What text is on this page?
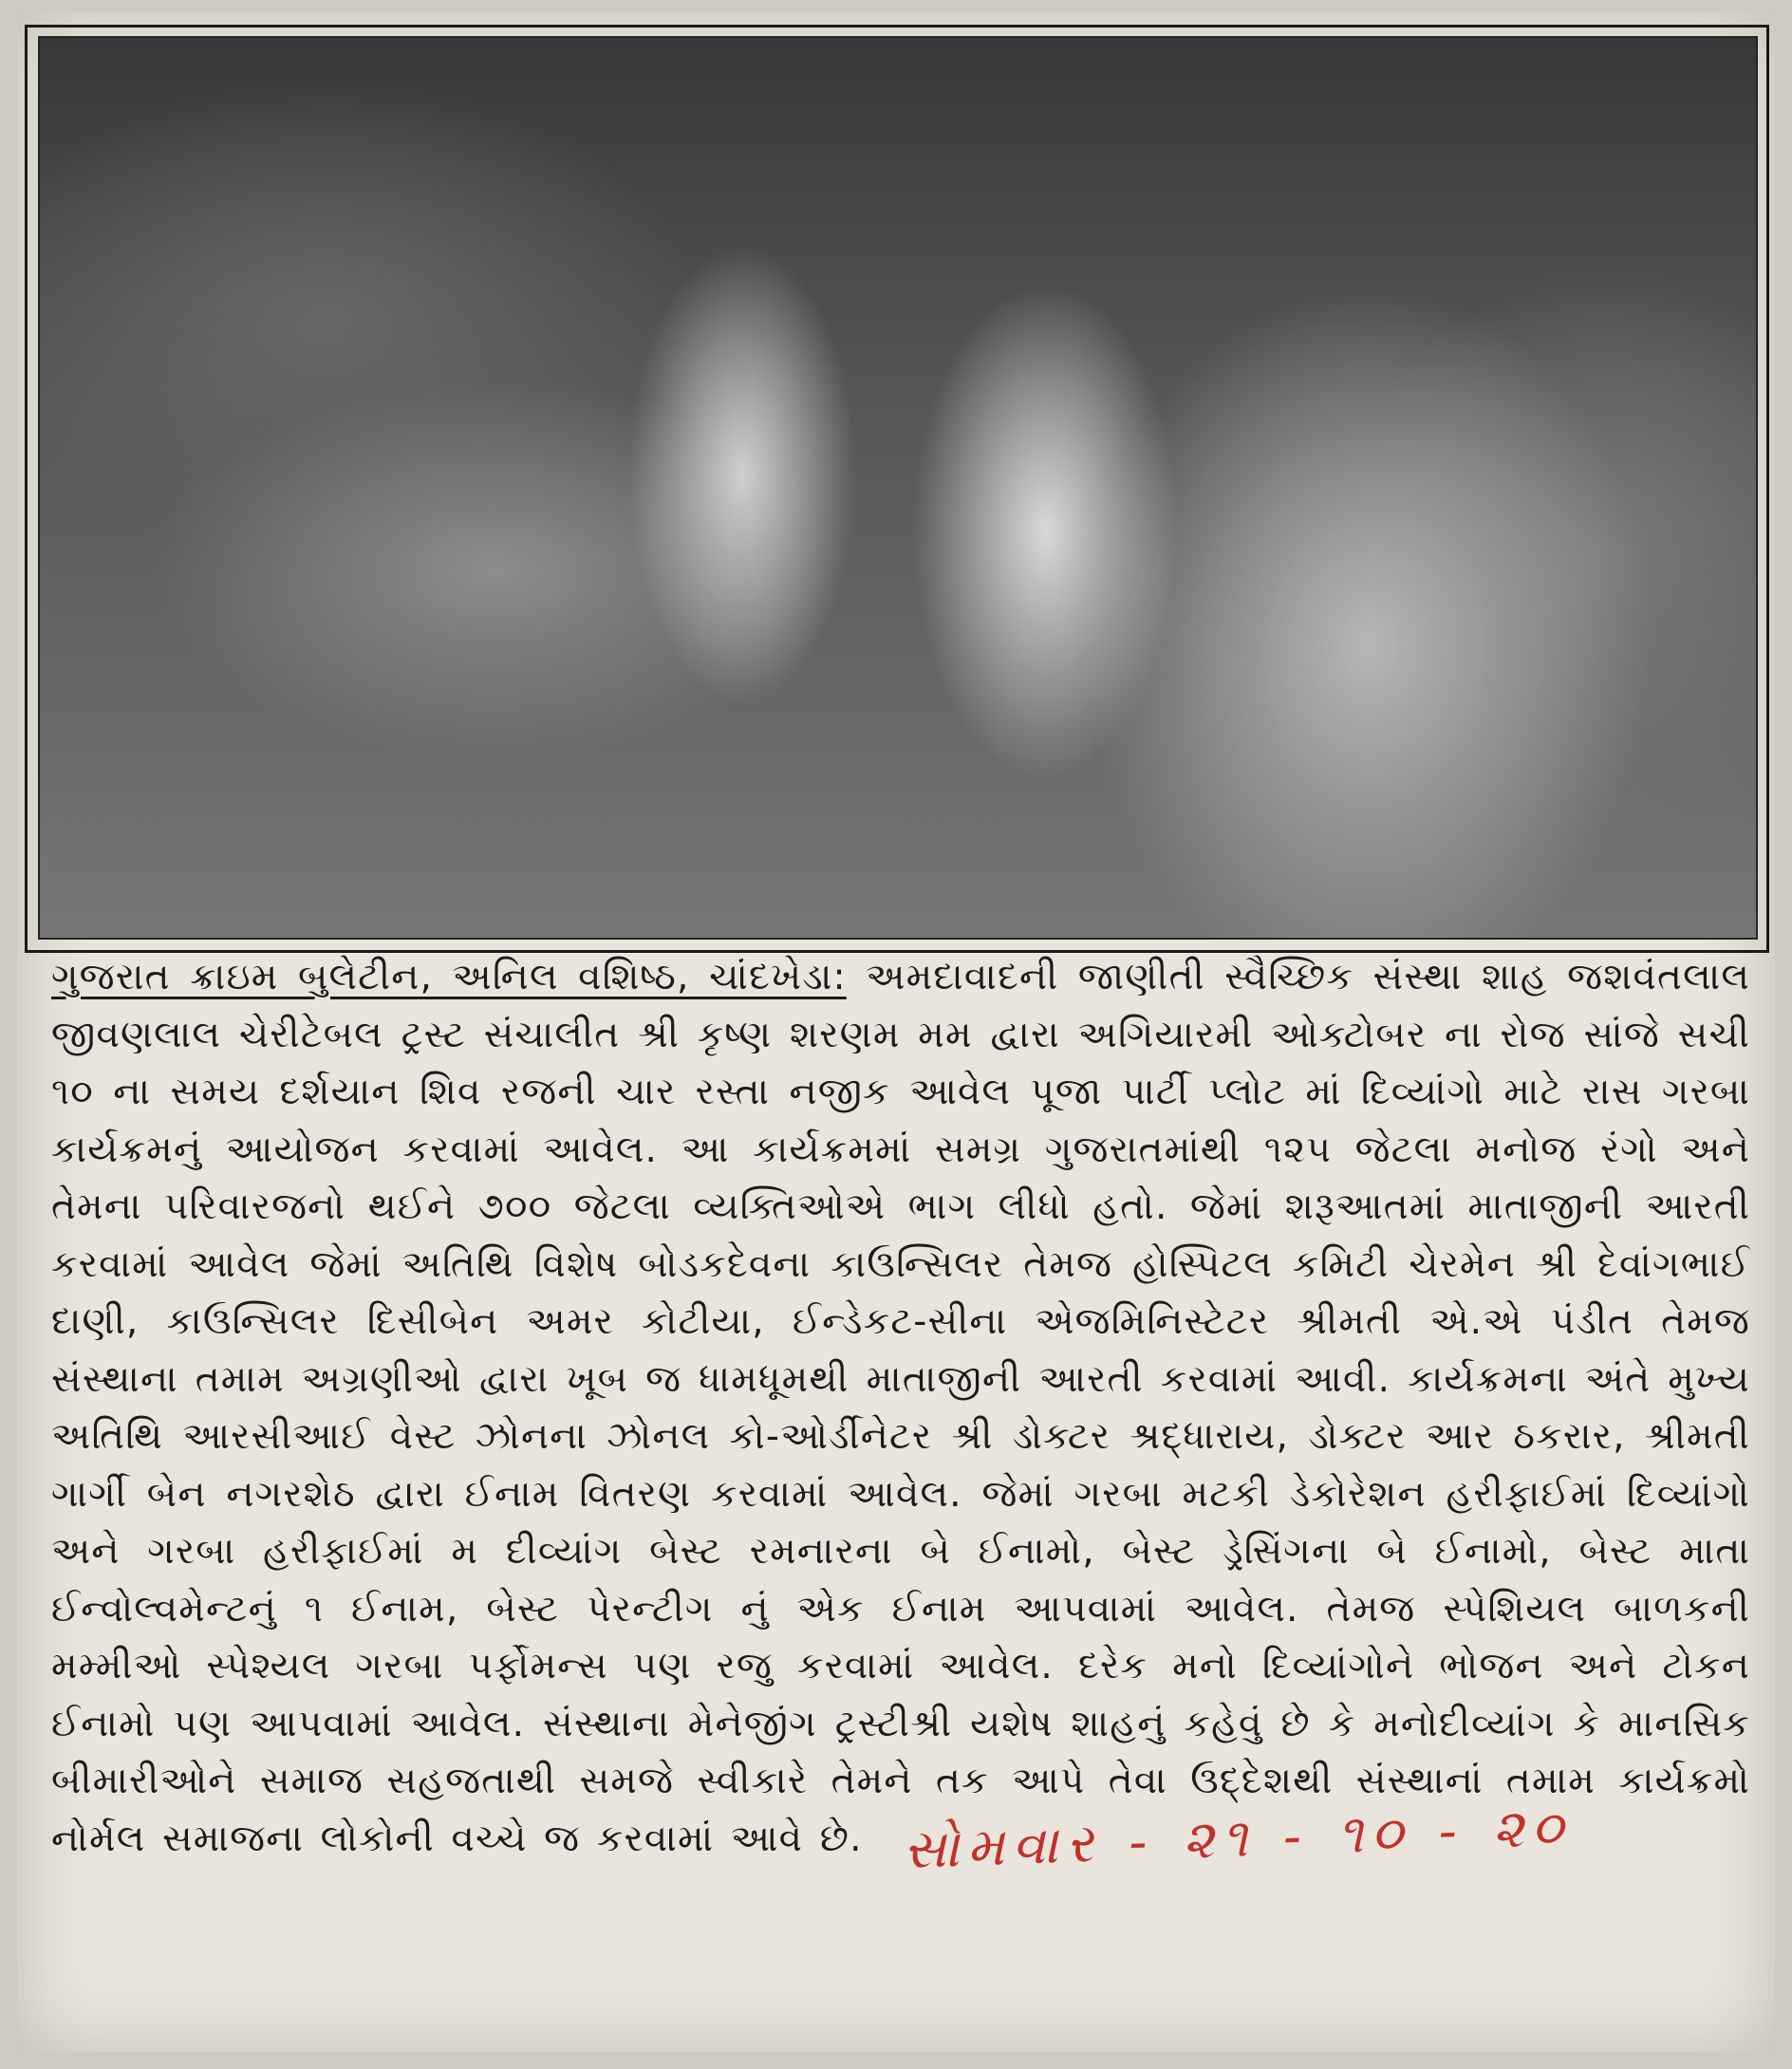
ગુજરાત ક્રાઇમ બુલેટીન, અનિલ વશિષ્ઠ, ચાંદખેડા: અમદાવાદની જાણીતી સ્વૈચ્છિક સંસ્થા શાહ જશવંતલાલ જીવણલાલ ચેરીટેબલ ટ્રસ્ટ સંચાલીત શ્રી કૃષ્ણ શરણમ મમ દ્વારા અગિયારમી ઓક્ટોબર ના રોજ સાંજે સચી ૧૦ ના સમય દર્શયાન શિવ રજની ચાર રસ્તા નજીક આવેલ પૂજા પાર્ટી પ્લોટ માં દિવ્યાંગો માટે રાસ ગરબા કાર્યક્રમનું આયોજન કરવામાં આવેલ. આ કાર્યક્રમમાં સમગ્ર ગુજરાતમાંથી ૧૨૫ જેટલા મનોજ રંગો અને તેમના પરિવારજનો થઈને ૭૦૦ જેટલા વ્યક્તિઓએ ભાગ લીધો હતો. જેમાં શરૂઆતમાં માતાજીની આરતી કરવામાં આવેલ જેમાં અતિથિ વિશેષ બોડકદેવના કાઉન્સિલર તેમજ હોસ્પિટલ કમિટી ચેરમેન શ્રી દેવાંગભાઈ દાણી, કાઉન્સિલર દિસીબેન અમર કોટીયા, ઈન્ડેકટ-સીના એજમિનિસ્ટેટર શ્રીમતી એ.એ પંડીત તેમજ સંસ્થાના તમામ અગ્રણીઓ દ્વારા ખૂબ જ ધામધૂમથી માતાજીની આરતી કરવામાં આવી. કાર્યક્રમના અંતે મુખ્ય અતિથિ આરસીઆઈ વેસ્ટ ઝોનના ઝોનલ કો-ઓર્ડીનેટર શ્રી ડોક્ટર શ્રદ્ધારાય, ડોક્ટર આર ઠકરાર, શ્રીમતી ગાર્ગી બેન નગરશેઠ દ્વારા ઈનામ વિતરણ કરવામાં આવેલ. જેમાં ગરબા મટકી ડેકોરેશન હરીફાઈમાં દિવ્યાંગો અને ગરબા હરીફાઈમાં મ દીવ્યાંગ બેસ્ટ રમનારના બે ઈનામો, બેસ્ટ ડ્રેસિંગના બે ઈનામો, બેસ્ટ માતા ઈન્વોલ્વમેન્ટનું ૧ ઈનામ, બેસ્ટ પેરન્ટીગ નું એક ઈનામ આપવામાં આવેલ. તેમજ સ્પેશિયલ બાળકની મમ્મીઓ સ્પેશ્યલ ગરબા પર્ફોમન્સ પણ રજુ કરવામાં આવેલ. દરેક મનો દિવ્યાંગોને ભોજન અને ટોકન ઈનામો પણ આપવામાં આવેલ. સંસ્થાના મેનેજીંગ ટ્રસ્ટીશ્રી યશેષ શાહનું કહેવું છે કે મનોદીવ્યાંગ કે માનસિક બીમારીઓને સમાજ સહજતાથી સમજે સ્વીકારે તેમને તક આપે તેવા ઉદ્દેશથી સંસ્થાનાં તમામ કાર્યક્રમો નોર્મલ સમાજના લોકોની વચ્ચે જ કરવામાં આવે છે. સોમવાર - ૨૧ - ૧૦ - ૨૦
